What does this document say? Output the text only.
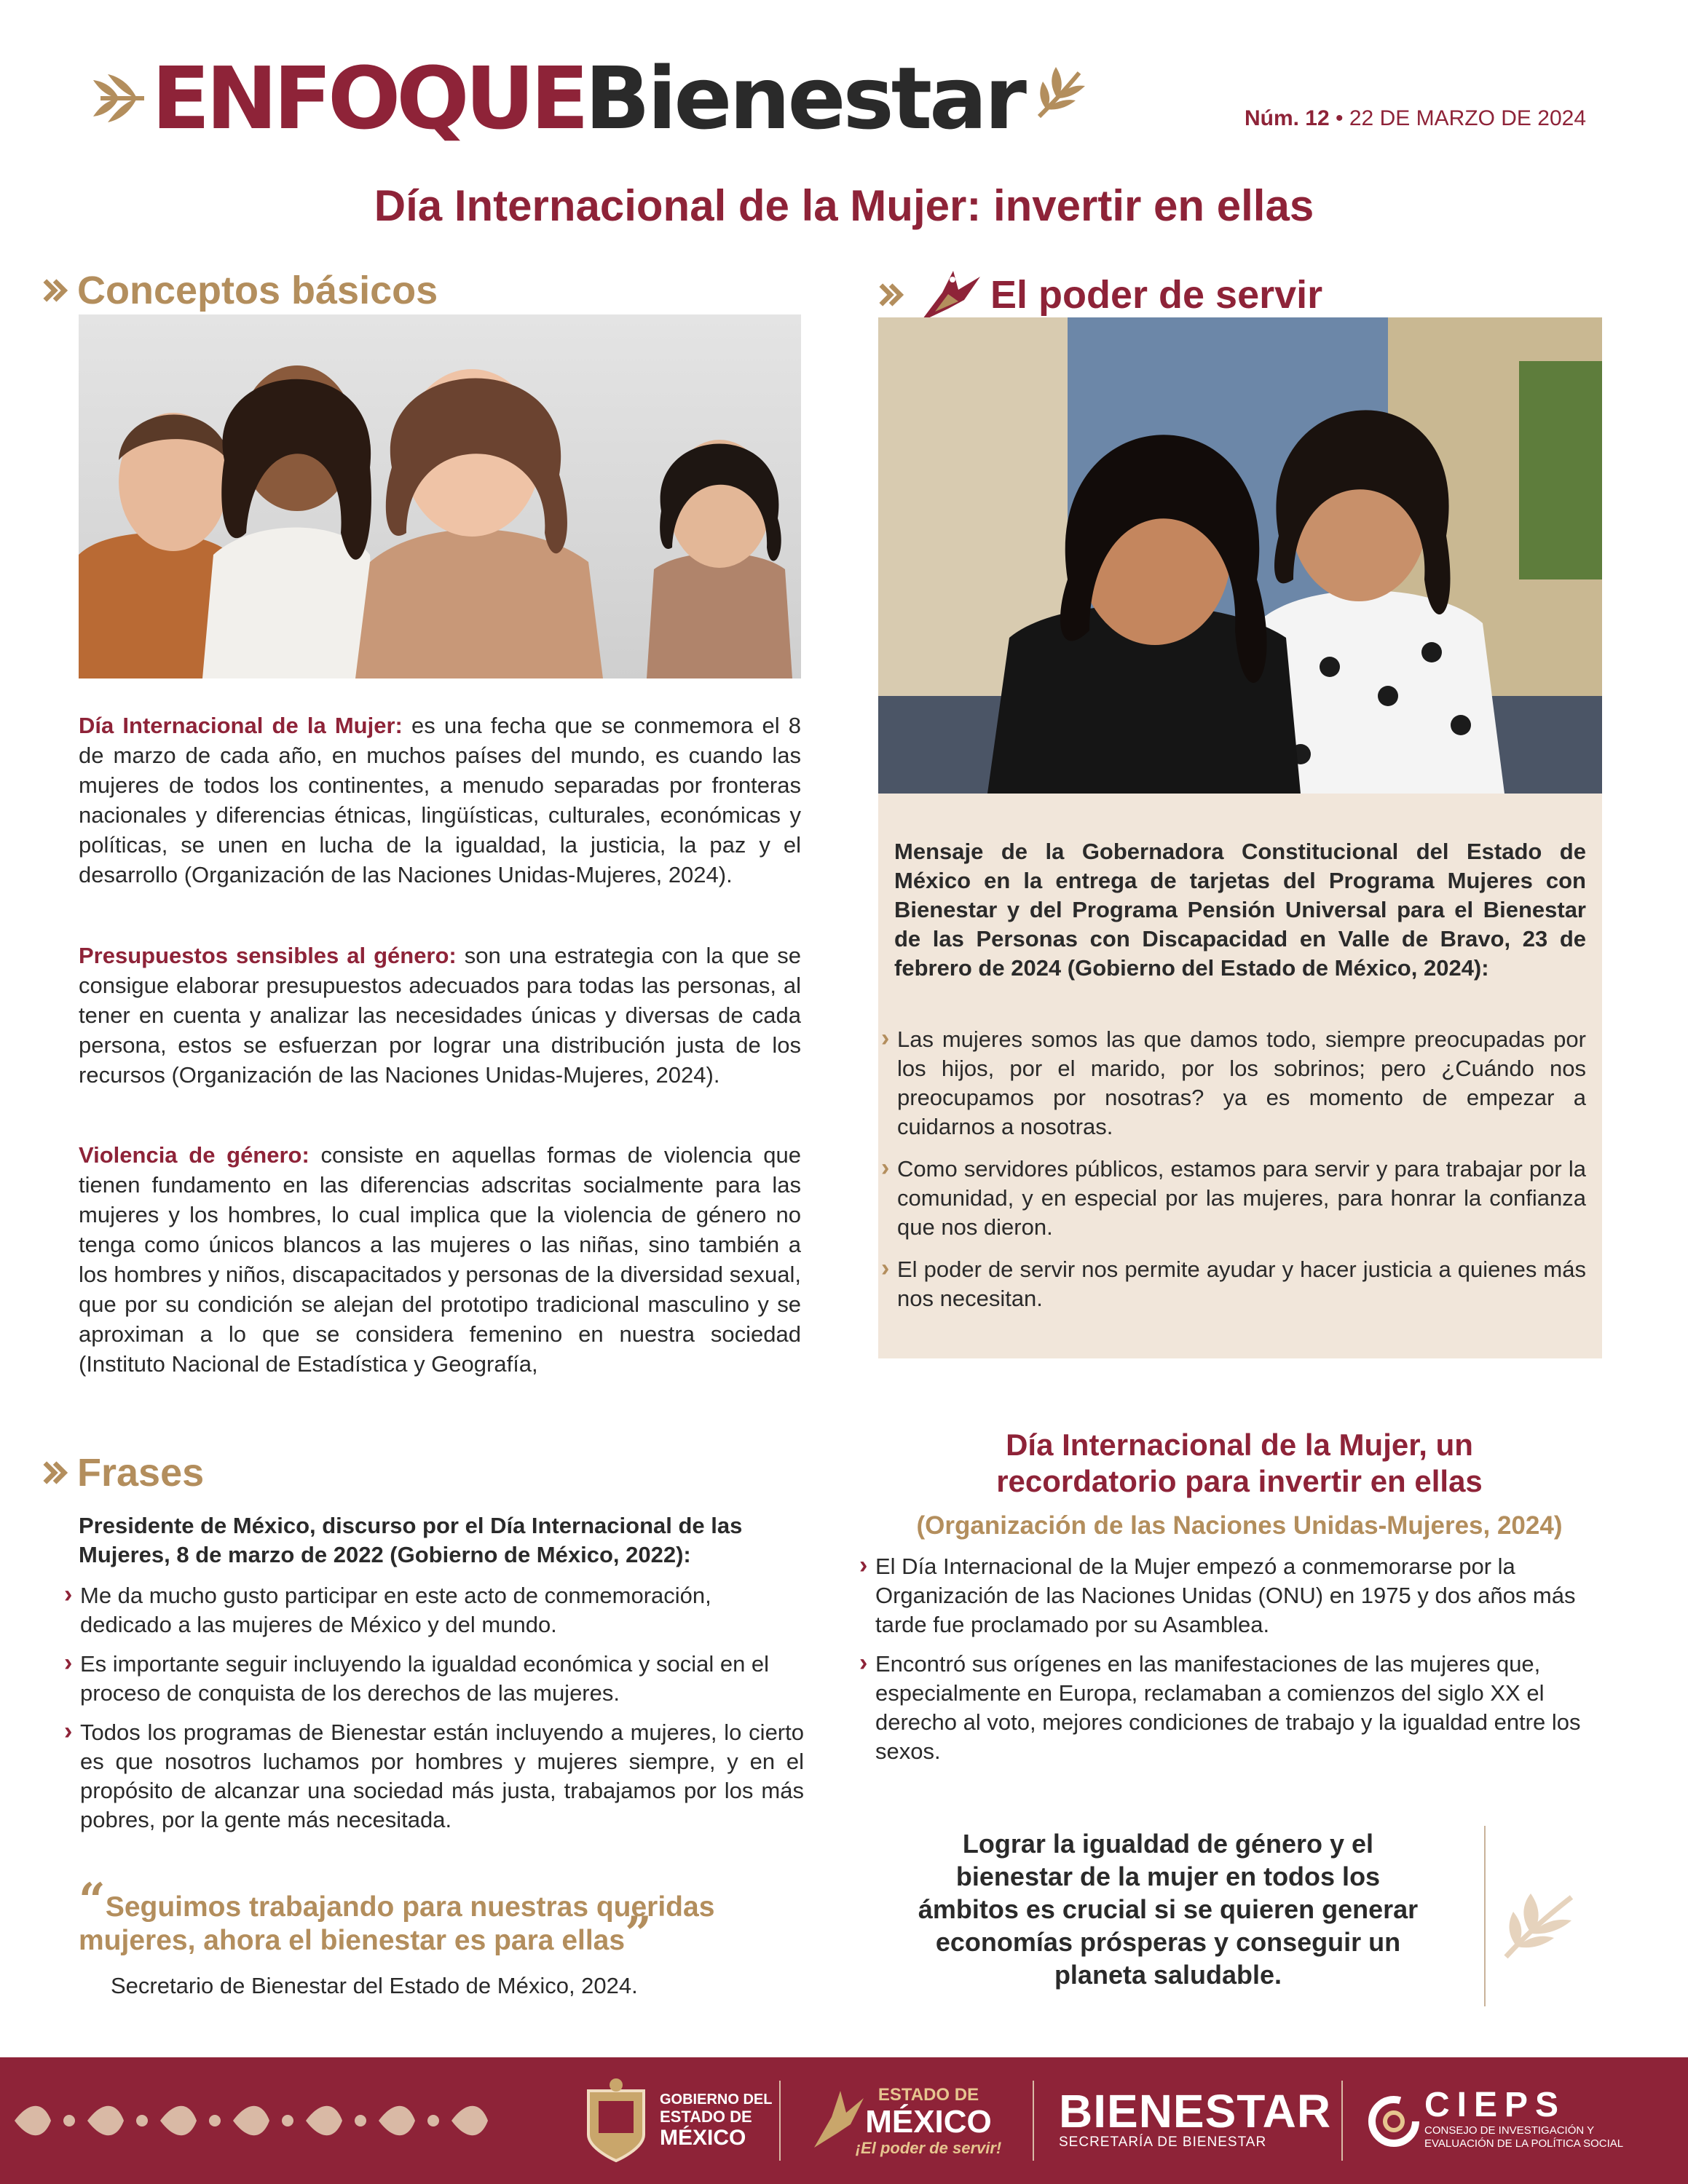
ENFOQUE Bienestar	Núm. 12 • 22 DE MARZO DE 2024
Día Internacional de la Mujer: invertir en ellas
Conceptos básicos
Día Internacional de la Mujer: es una fecha que se conmemora el 8 de marzo de cada año, en muchos países del mundo, es cuando las mujeres de todos los continentes, a menudo separadas por fronteras nacionales y diferencias étnicas, lingüísticas, culturales, económicas y políticas, se unen en lucha de la igualdad, la justicia, la paz y el desarrollo (Organización de las Naciones Unidas-Mujeres, 2024).
Presupuestos sensibles al género: son una estrategia con la que se consigue elaborar presupuestos adecuados para todas las personas, al tener en cuenta y analizar las necesidades únicas y diversas de cada persona, estos se esfuerzan por lograr una distribución justa de los recursos (Organización de las Naciones Unidas-Mujeres, 2024).
Violencia de género: consiste en aquellas formas de violencia que tienen fundamento en las diferencias adscritas socialmente para las mujeres y los hombres, lo cual implica que la violencia de género no tenga como únicos blancos a las mujeres o las niñas, sino también a los hombres y niños, discapacitados y personas de la diversidad sexual, que por su condición se alejan del prototipo tradicional masculino y se aproximan a lo que se considera femenino en nuestra sociedad (Instituto Nacional de Estadística y Geografía,
El poder de servir
Mensaje de la Gobernadora Constitucional del Estado de México en la entrega de tarjetas del Programa Mujeres con Bienestar y del Programa Pensión Universal para el Bienestar de las Personas con Discapacidad en Valle de Bravo, 23 de febrero de 2024 (Gobierno del Estado de México, 2024):
› Las mujeres somos las que damos todo, siempre preocupadas por los hijos, por el marido, por los sobrinos; pero ¿Cuándo nos preocupamos por nosotras? ya es momento de empezar a cuidarnos a nosotras.
› Como servidores públicos, estamos para servir y para trabajar por la comunidad, y en especial por las mujeres, para honrar la confianza que nos dieron.
› El poder de servir nos permite ayudar y hacer justicia a quienes más nos necesitan.
Frases
Presidente de México, discurso por el Día Internacional de las Mujeres, 8 de marzo de 2022 (Gobierno de México, 2022):
› Me da mucho gusto participar en este acto de conmemoración, dedicado a las mujeres de México y del mundo.
› Es importante seguir incluyendo la igualdad económica y social en el proceso de conquista de los derechos de las mujeres.
› Todos los programas de Bienestar están incluyendo a mujeres, lo cierto es que nosotros luchamos por hombres y mujeres siempre, y en el propósito de alcanzar una sociedad más justa, trabajamos por los más pobres, por la gente más necesitada.
“Seguimos trabajando para nuestras queridas mujeres, ahora el bienestar es para ellas”
Secretario de Bienestar del Estado de México, 2024.
Día Internacional de la Mujer, un
recordatorio para invertir en ellas
(Organización de las Naciones Unidas-Mujeres, 2024)
› El Día Internacional de la Mujer empezó a conmemorarse por la Organización de las Naciones Unidas (ONU) en 1975 y dos años más tarde fue proclamado por su Asamblea.
› Encontró sus orígenes en las manifestaciones de las mujeres que, especialmente en Europa, reclamaban a comienzos del siglo XX el derecho al voto, mejores condiciones de trabajo y la igualdad entre los sexos.
Lograr la igualdad de género y el bienestar de la mujer en todos los ámbitos es crucial si se quieren generar economías prósperas y conseguir un planeta saludable.
GOBIERNO DEL
ESTADO DE
MÉXICO
ESTADO DE
MÉXICO
¡El poder de servir!
BIENESTAR
SECRETARÍA DE BIENESTAR
CIEPS
CONSEJO DE INVESTIGACIÓN Y
EVALUACIÓN DE LA POLÍTICA SOCIAL
